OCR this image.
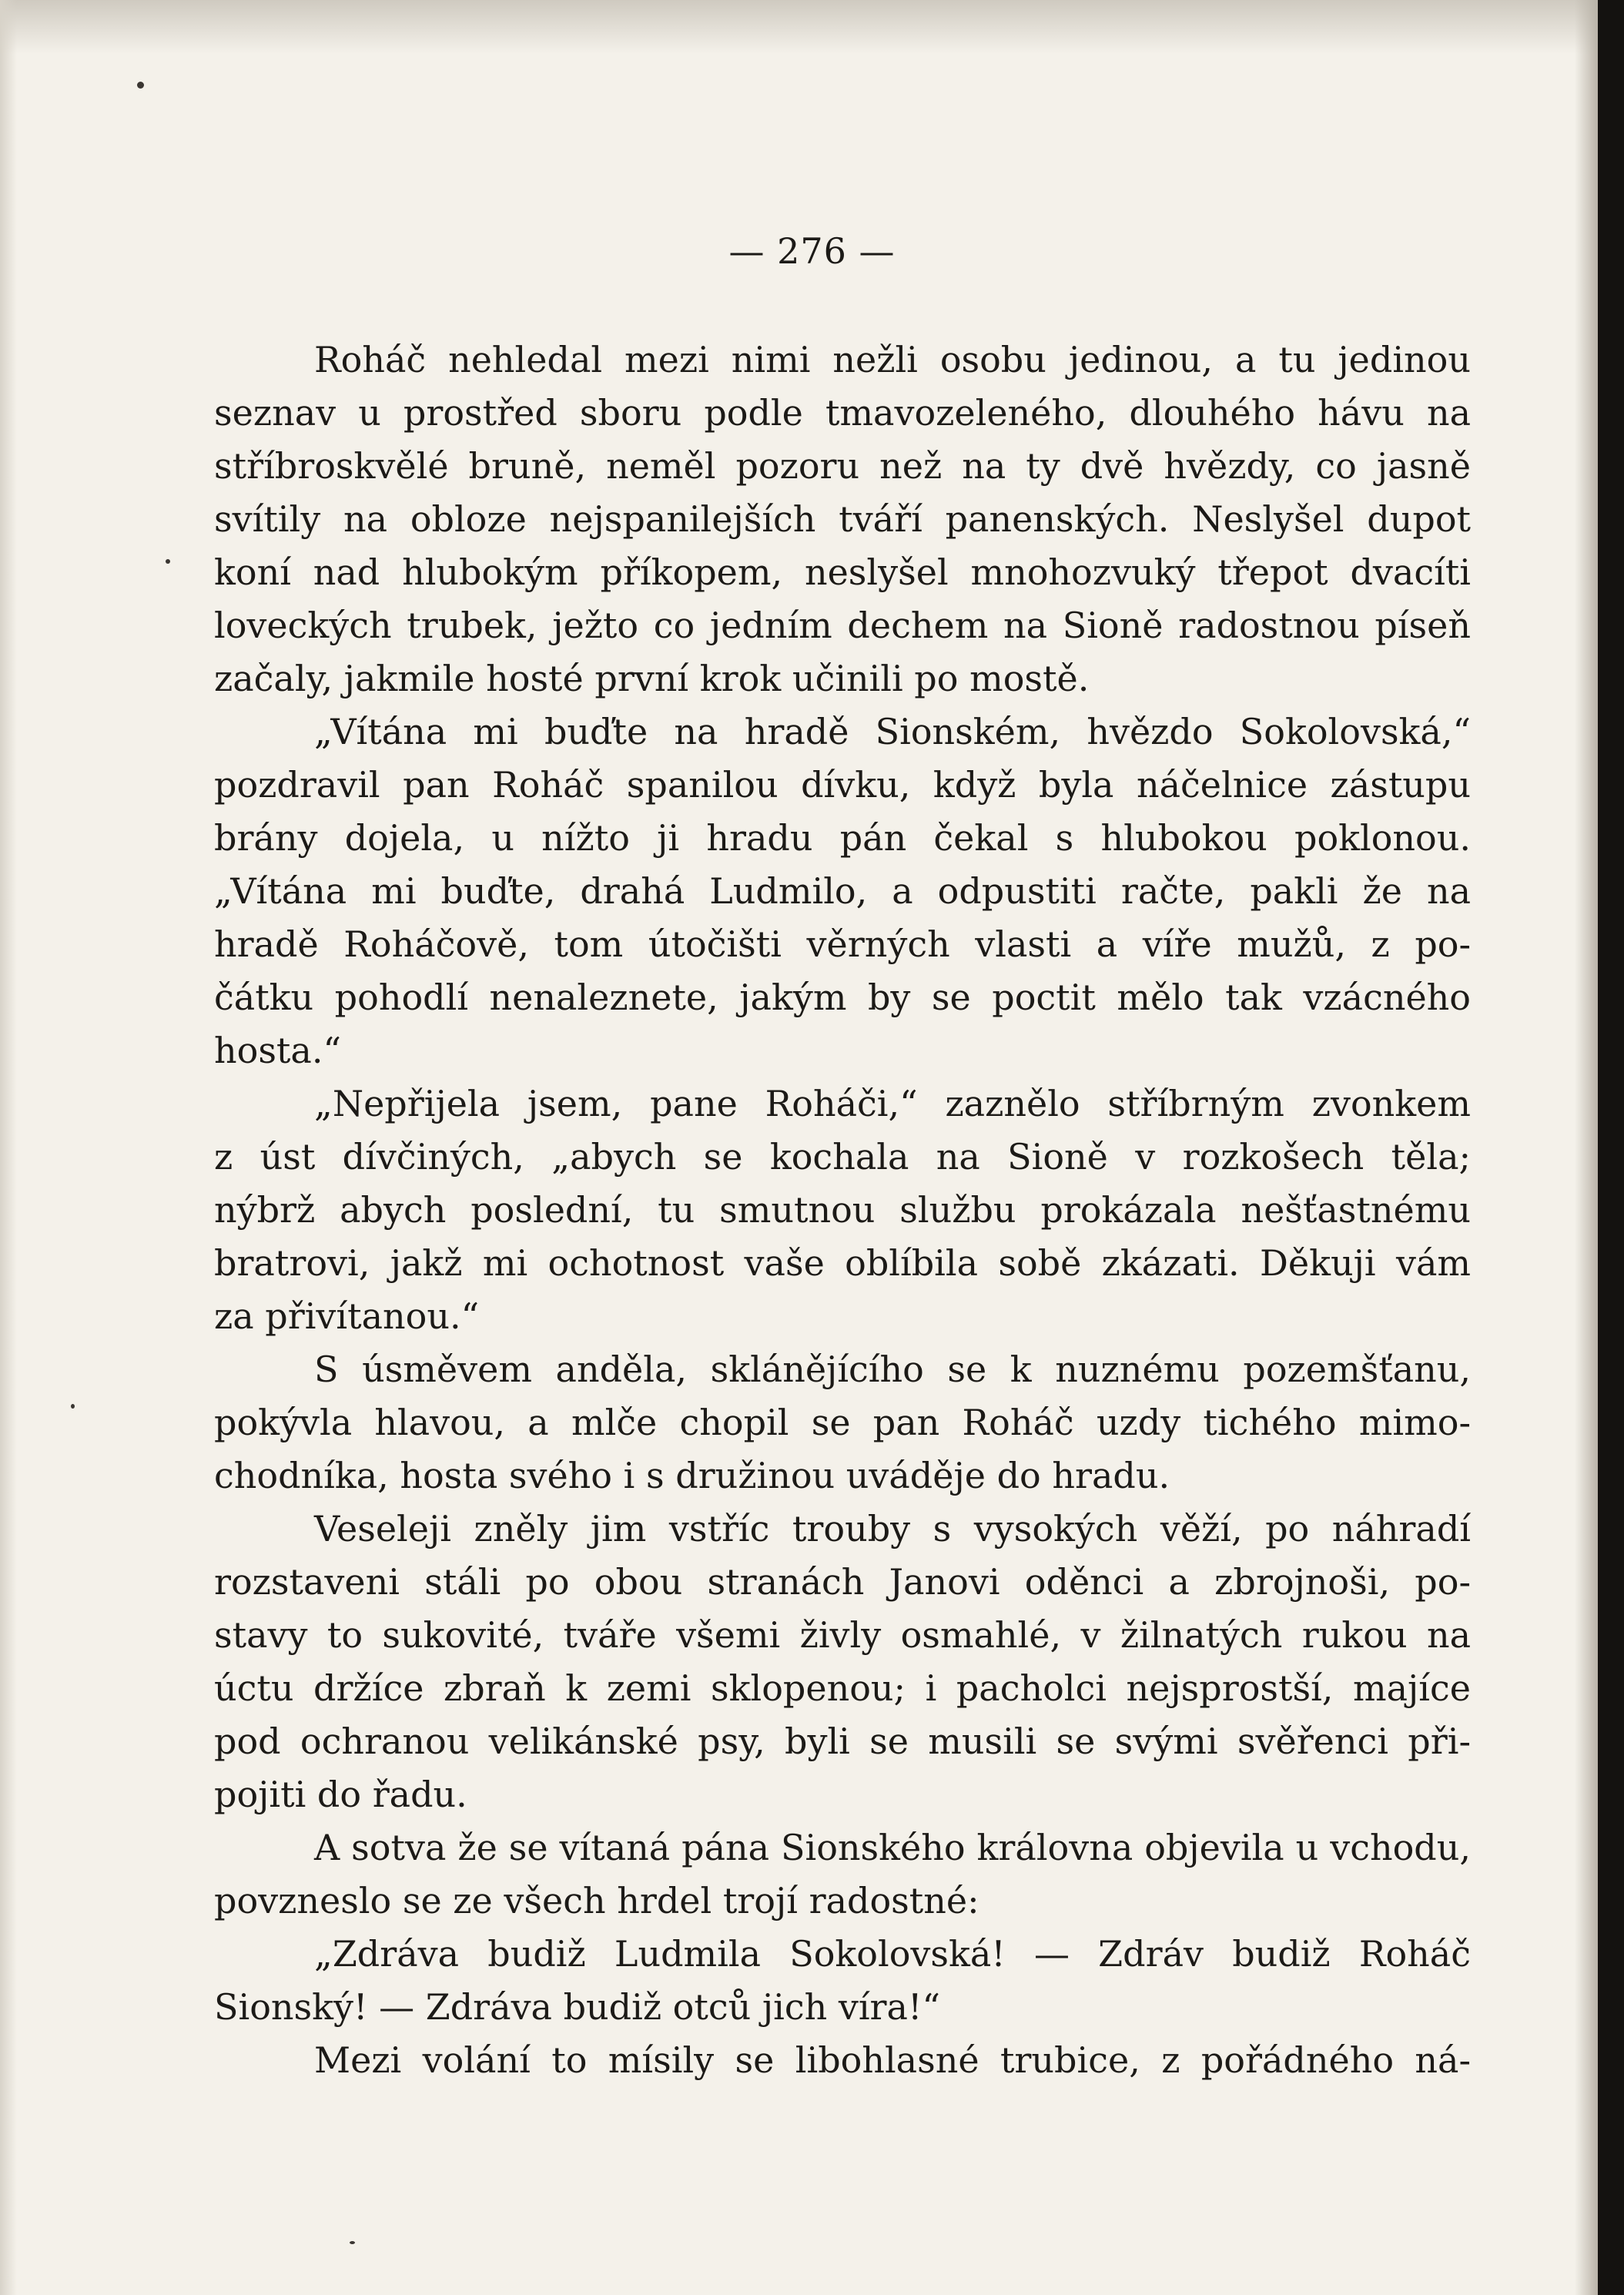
— 276 —
Roháč nehledal mezi nimi nežli osobu jedinou, a tu jedinou
seznav u prostřed sboru podle tmavozeleného, dlouhého hávu na
stříbroskvělé bruně, neměl pozoru než na ty dvě hvězdy, co jasně
svítily na obloze nejspanilejších tváří panenských. Neslyšel dupot
koní nad hlubokým příkopem, neslyšel mnohozvuký třepot dvacíti
loveckých trubek, ježto co jedním dechem na Sioně radostnou píseň
začaly, jakmile hosté první krok učinili po mostě.
„Vítána mi buďte na hradě Sionském, hvězdo Sokolovská,“
pozdravil pan Roháč spanilou dívku, když byla náčelnice zástupu
brány dojela, u nížto ji hradu pán čekal s hlubokou poklonou.
„Vítána mi buďte, drahá Ludmilo, a odpustiti račte, pakli že na
hradě Roháčově, tom útočišti věrných vlasti a víře mužů, z po-
čátku pohodlí nenaleznete, jakým by se poctit mělo tak vzácného
hosta.“
„Nepřijela jsem, pane Roháči,“ zaznělo stříbrným zvonkem
z úst dívčiných, „abych se kochala na Sioně v rozkošech těla;
nýbrž abych poslední, tu smutnou službu prokázala nešťastnému
bratrovi, jakž mi ochotnost vaše oblíbila sobě zkázati. Děkuji vám
za přivítanou.“
S úsměvem anděla, sklánějícího se k nuznému pozemšťanu,
pokývla hlavou, a mlče chopil se pan Roháč uzdy tichého mimo-
chodníka, hosta svého i s družinou uváděje do hradu.
Veseleji zněly jim vstříc trouby s vysokých věží, po náhradí
rozstaveni stáli po obou stranách Janovi oděnci a zbrojnoši, po-
stavy to sukovité, tváře všemi živly osmahlé, v žilnatých rukou na
úctu držíce zbraň k zemi sklopenou; i pacholci nejsprostší, majíce
pod ochranou velikánské psy, byli se musili se svými svěřenci při-
pojiti do řadu.
A sotva že se vítaná pána Sionského královna objevila u vchodu,
povzneslo se ze všech hrdel trojí radostné:
„Zdráva budiž Ludmila Sokolovská! — Zdráv budiž Roháč
Sionský! — Zdráva budiž otců jich víra!“
Mezi volání to mísily se libohlasné trubice, z pořádného ná-
